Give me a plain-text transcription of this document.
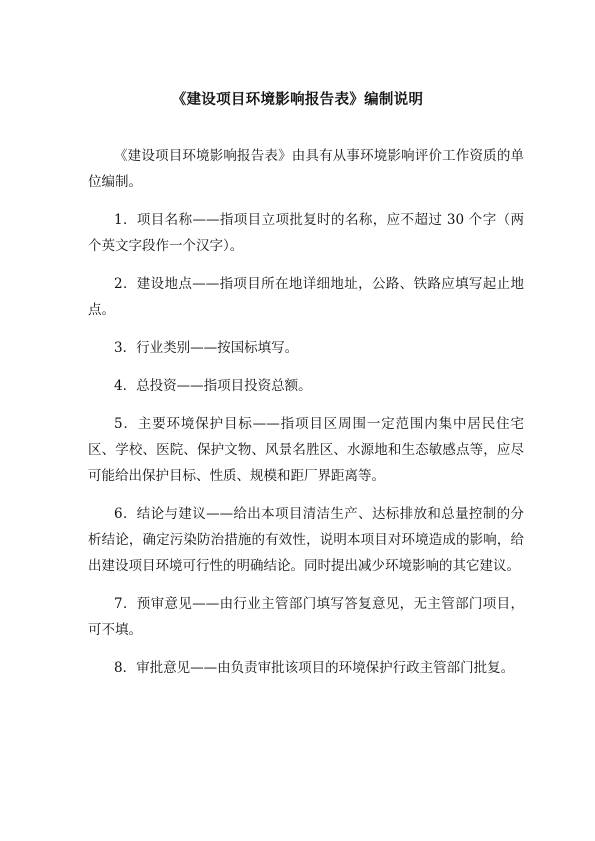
《建设项目环境影响报告表》编制说明

《建设项目环境影响报告表》由具有从事环境影响评价工作资质的单位编制。

1．项目名称——指项目立项批复时的名称，应不超过 30 个字（两个英文字段作一个汉字）。

2．建设地点——指项目所在地详细地址，公路、铁路应填写起止地点。

3．行业类别——按国标填写。

4．总投资——指项目投资总额。

5．主要环境保护目标——指项目区周围一定范围内集中居民住宅区、学校、医院、保护文物、风景名胜区、水源地和生态敏感点等，应尽可能给出保护目标、性质、规模和距厂界距离等。

6．结论与建议——给出本项目清洁生产、达标排放和总量控制的分析结论，确定污染防治措施的有效性，说明本项目对环境造成的影响，给出建设项目环境可行性的明确结论。同时提出减少环境影响的其它建议。

7．预审意见——由行业主管部门填写答复意见，无主管部门项目，可不填。

8．审批意见——由负责审批该项目的环境保护行政主管部门批复。
